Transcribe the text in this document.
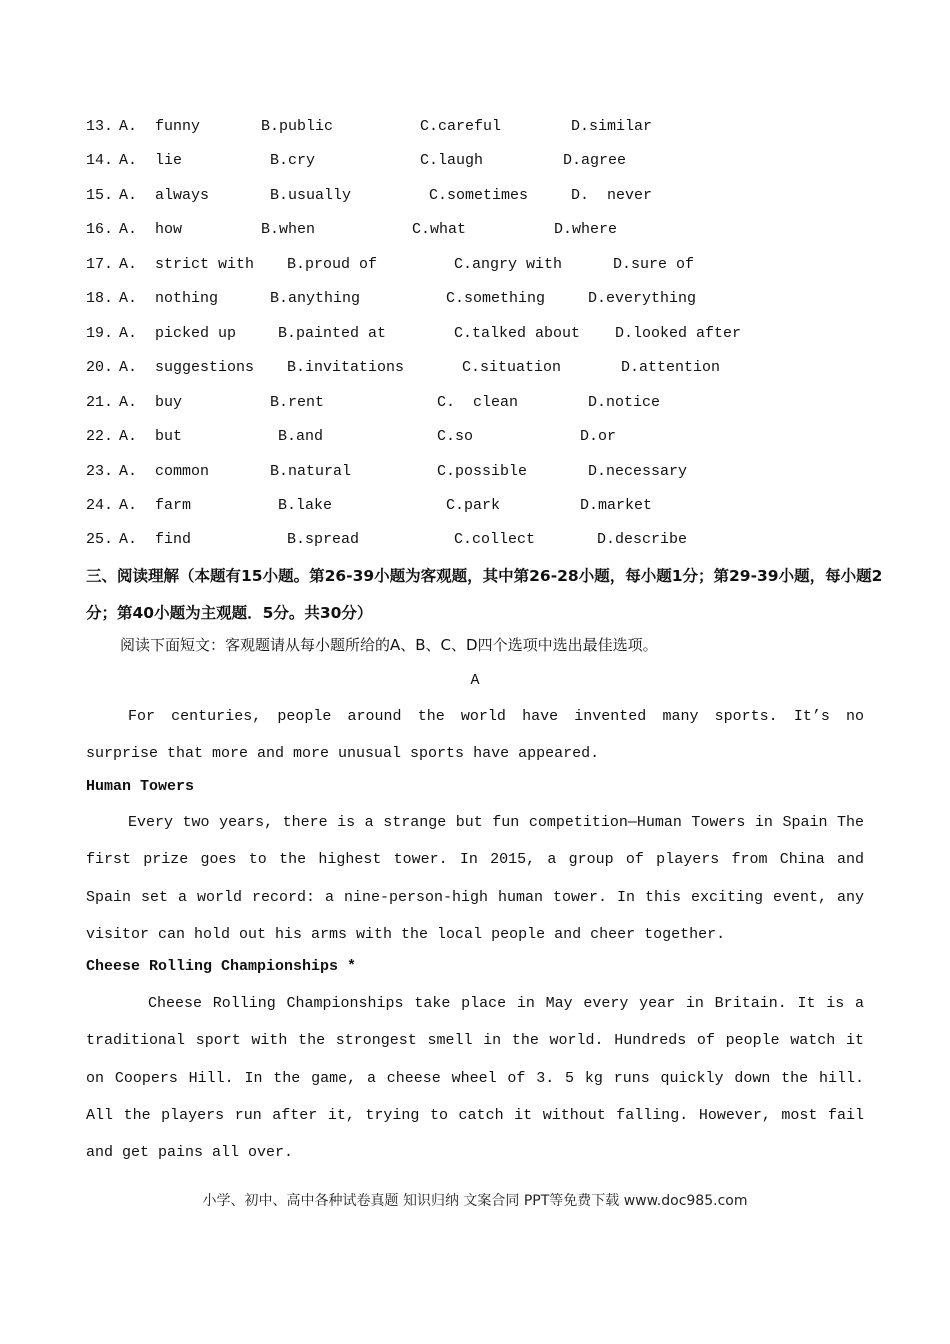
13. A.  funny	B.public	C.careful	D.similar
14. A.  lie	B.cry	C.laugh	D.agree
15. A.  always	B.usually	C.sometimes	D.  never
16. A.  how	B.when	C.what	D.where
17. A.  strict with B.proud of	C.angry with	D.sure of
18. A.  nothing	B.anything	C.something	D.everything
19. A.  picked up	B.painted at	C.talked about D.looked after
20. A.  suggestions B.invitations	C.situation	D.attention
21. A.  buy	B.rent	C.  clean	D.notice
22. A.  but	B.and	C.so	D.or
23. A.  common	B.natural	C.possible	D.necessary
24. A.  farm	B.lake	C.park	D.market
25. A.  find	B.spread	C.collect	D.describe
三、阅读理解（本题有15小题。第26-39小题为客观题，其中第26-28小题，每小题1分；第29-39小题，每小题2分；第40小题为主观题．5分。共30分）
阅读下面短文：客观题请从每小题所给的A、B、C、D四个选项中选出最佳选项。
A

For centuries, people around the world have invented many sports. It’s no surprise that more and more unusual sports have appeared.

Human Towers

Every two years, there is a strange but fun competition—Human Towers in Spain The first prize goes to the highest tower. In 2015, a group of players from China and Spain set a world record: a nine-person-high human tower. In this exciting event, any visitor can hold out his arms with the local people and cheer together.

Cheese Rolling Championships *

Cheese Rolling Championships take place in May every year in Britain. It is a traditional sport with the strongest smell in the world. Hundreds of people watch it on Coopers Hill. In the game, a cheese wheel of 3. 5 kg runs quickly down the hill. All the players run after it, trying to catch it without falling. However, most fail and get pains all over.

小学、初中、高中各种试卷真题 知识归纳 文案合同 PPT等免费下载 www.doc985.com
